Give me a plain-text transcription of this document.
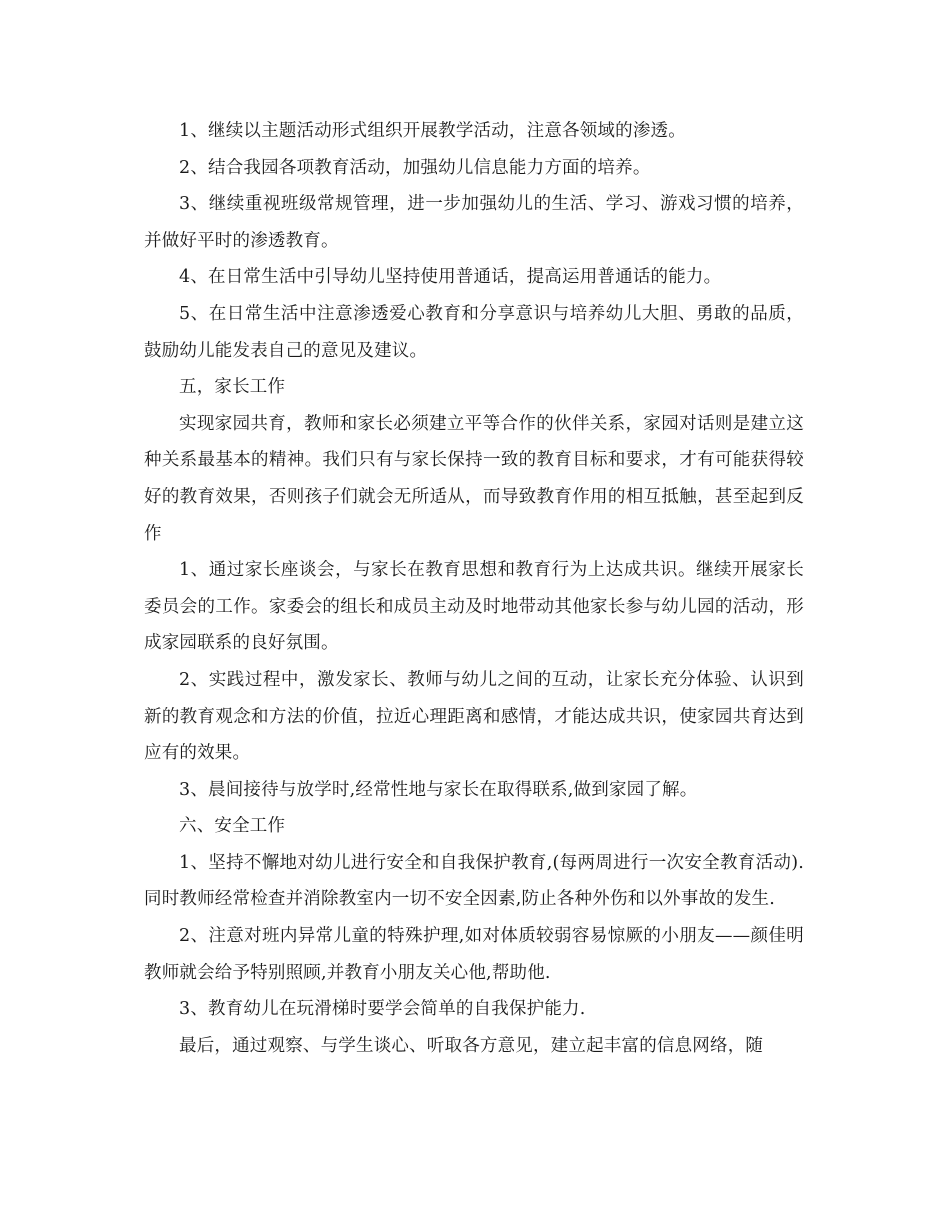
1、继续以主题活动形式组织开展教学活动，注意各领域的渗透。

2、结合我园各项教育活动，加强幼儿信息能力方面的培养。

3、继续重视班级常规管理，进一步加强幼儿的生活、学习、游戏习惯的培养，并做好平时的渗透教育。

4、在日常生活中引导幼儿坚持使用普通话，提高运用普通话的能力。

5、在日常生活中注意渗透爱心教育和分享意识与培养幼儿大胆、勇敢的品质，鼓励幼儿能发表自己的意见及建议。

五，家长工作

实现家园共育，教师和家长必须建立平等合作的伙伴关系，家园对话则是建立这种关系最基本的精神。我们只有与家长保持一致的教育目标和要求，才有可能获得较好的教育效果，否则孩子们就会无所适从，而导致教育作用的相互抵触，甚至起到反作

1、通过家长座谈会，与家长在教育思想和教育行为上达成共识。继续开展家长委员会的工作。家委会的组长和成员主动及时地带动其他家长参与幼儿园的活动，形成家园联系的良好氛围。

2、实践过程中，激发家长、教师与幼儿之间的互动，让家长充分体验、认识到新的教育观念和方法的价值，拉近心理距离和感情，才能达成共识，使家园共育达到应有的效果。

3、晨间接待与放学时,经常性地与家长在取得联系,做到家园了解。

六、安全工作

1、坚持不懈地对幼儿进行安全和自我保护教育,(每两周进行一次安全教育活动).同时教师经常检查并消除教室内一切不安全因素,防止各种外伤和以外事故的发生.

2、注意对班内异常儿童的特殊护理,如对体质较弱容易惊厥的小朋友——颜佳明教师就会给予特别照顾,并教育小朋友关心他,帮助他.

3、教育幼儿在玩滑梯时要学会简单的自我保护能力.

最后，通过观察、与学生谈心、听取各方意见，建立起丰富的信息网络，随
